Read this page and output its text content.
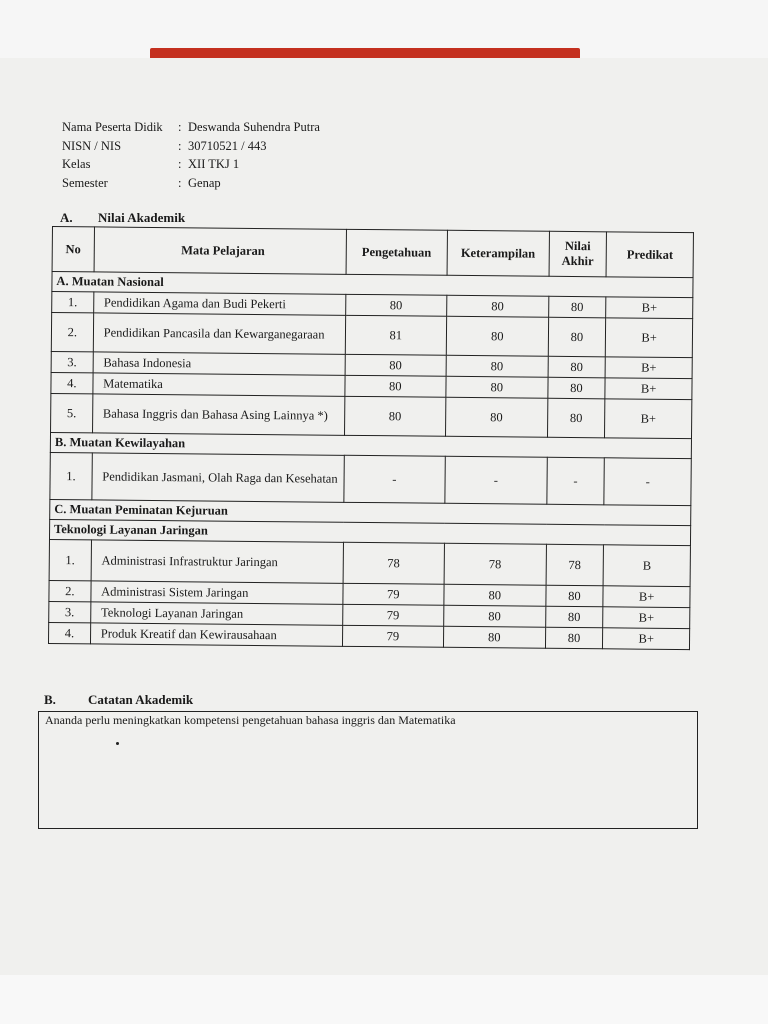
Nama Peserta Didik	: Deswanda Suhendra Putra
NISN / NIS	: 30710521 / 443
Kelas	: XII TKJ 1
Semester	: Genap
A. Nilai Akademik
No	Mata Pelajaran	Pengetahuan	Keterampilan	Nilai Akhir	Predikat
A. Muatan Nasional					
1.	Pendidikan Agama dan Budi Pekerti	80	80	80	B+
2.	Pendidikan Pancasila dan Kewarganegaraan	81	80	80	B+
3.	Bahasa Indonesia	80	80	80	B+
4.	Matematika	80	80	80	B+
5.	Bahasa Inggris dan Bahasa Asing Lainnya *)	80	80	80	B+
B. Muatan Kewilayahan					
1.	Pendidikan Jasmani, Olah Raga dan Kesehatan	-	-	-	-
C. Muatan Peminatan Kejuruan					
Teknologi Layanan Jaringan					
1.	Administrasi Infrastruktur Jaringan	78	78	78	B
2.	Administrasi Sistem Jaringan	79	80	80	B+
3.	Teknologi Layanan Jaringan	79	80	80	B+
4.	Produk Kreatif dan Kewirausahaan	79	80	80	B+
B. Catatan Akademik
Ananda perlu meningkatkan kompetensi pengetahuan bahasa inggris dan Matematika
